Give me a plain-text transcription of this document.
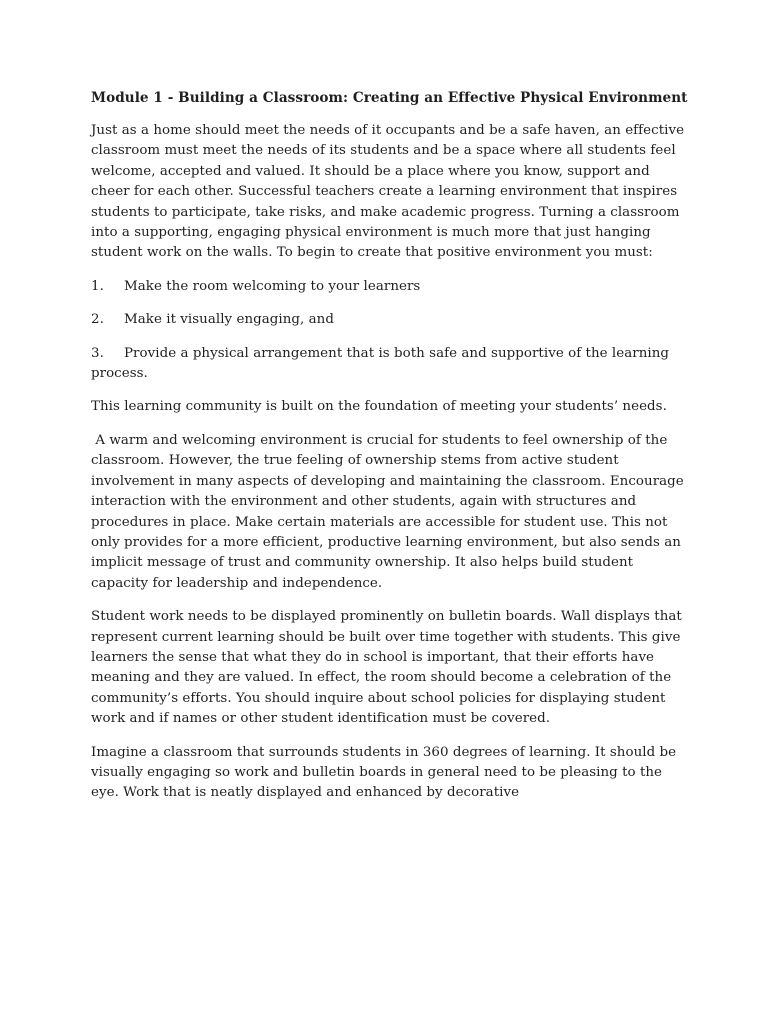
Module 1 - Building a Classroom: Creating an Effective Physical Environment

Just as a home should meet the needs of it occupants and be a safe haven, an effective classroom must meet the needs of its students and be a space where all students feel welcome, accepted and valued. It should be a place where you know, support and cheer for each other. Successful teachers create a learning environment that inspires students to participate, take risks, and make academic progress. Turning a classroom into a supporting, engaging physical environment is much more that just hanging student work on the walls. To begin to create that positive environment you must:

1. Make the room welcoming to your learners
2. Make it visually engaging, and
3. Provide a physical arrangement that is both safe and supportive of the learning process.

This learning community is built on the foundation of meeting your students’ needs.

A warm and welcoming environment is crucial for students to feel ownership of the classroom. However, the true feeling of ownership stems from active student involvement in many aspects of developing and maintaining the classroom. Encourage interaction with the environment and other students, again with structures and procedures in place. Make certain materials are accessible for student use. This not only provides for a more efficient, productive learning environment, but also sends an implicit message of trust and community ownership. It also helps build student capacity for leadership and independence.

Student work needs to be displayed prominently on bulletin boards. Wall displays that represent current learning should be built over time together with students. This give learners the sense that what they do in school is important, that their efforts have meaning and they are valued. In effect, the room should become a celebration of the community’s efforts. You should inquire about school policies for displaying student work and if names or other student identification must be covered.

Imagine a classroom that surrounds students in 360 degrees of learning. It should be visually engaging so work and bulletin boards in general need to be pleasing to the eye. Work that is neatly displayed and enhanced by decorative
